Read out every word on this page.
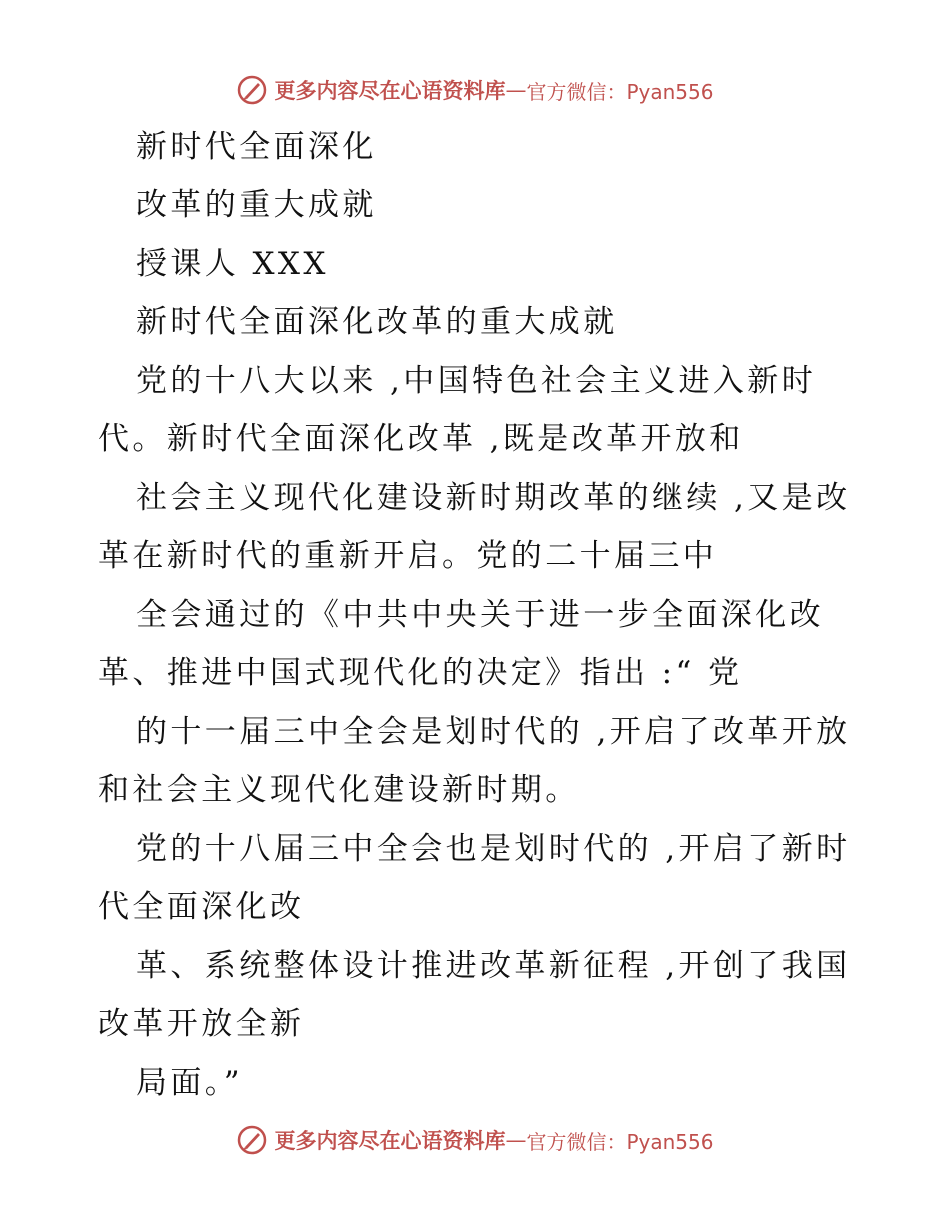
更多内容尽在心语资料库 — 官方微信：Pyan556
新时代全面深化
改革的重大成就
授课人 XXX
新时代全面深化改革的重大成就
党的十八大以来 ,中国特色社会主义进入新时
代。新时代全面深化改革 ,既是改革开放和
社会主义现代化建设新时期改革的继续 ,又是改
革在新时代的重新开启。党的二十届三中
全会通过的《中共中央关于进一步全面深化改
革、推进中国式现代化的决定》指出 :“ 党
的十一届三中全会是划时代的 ,开启了改革开放
和社会主义现代化建设新时期。
党的十八届三中全会也是划时代的 ,开启了新时
代全面深化改
革、系统整体设计推进改革新征程 ,开创了我国
改革开放全新
局面。”
更多内容尽在心语资料库 — 官方微信：Pyan556
